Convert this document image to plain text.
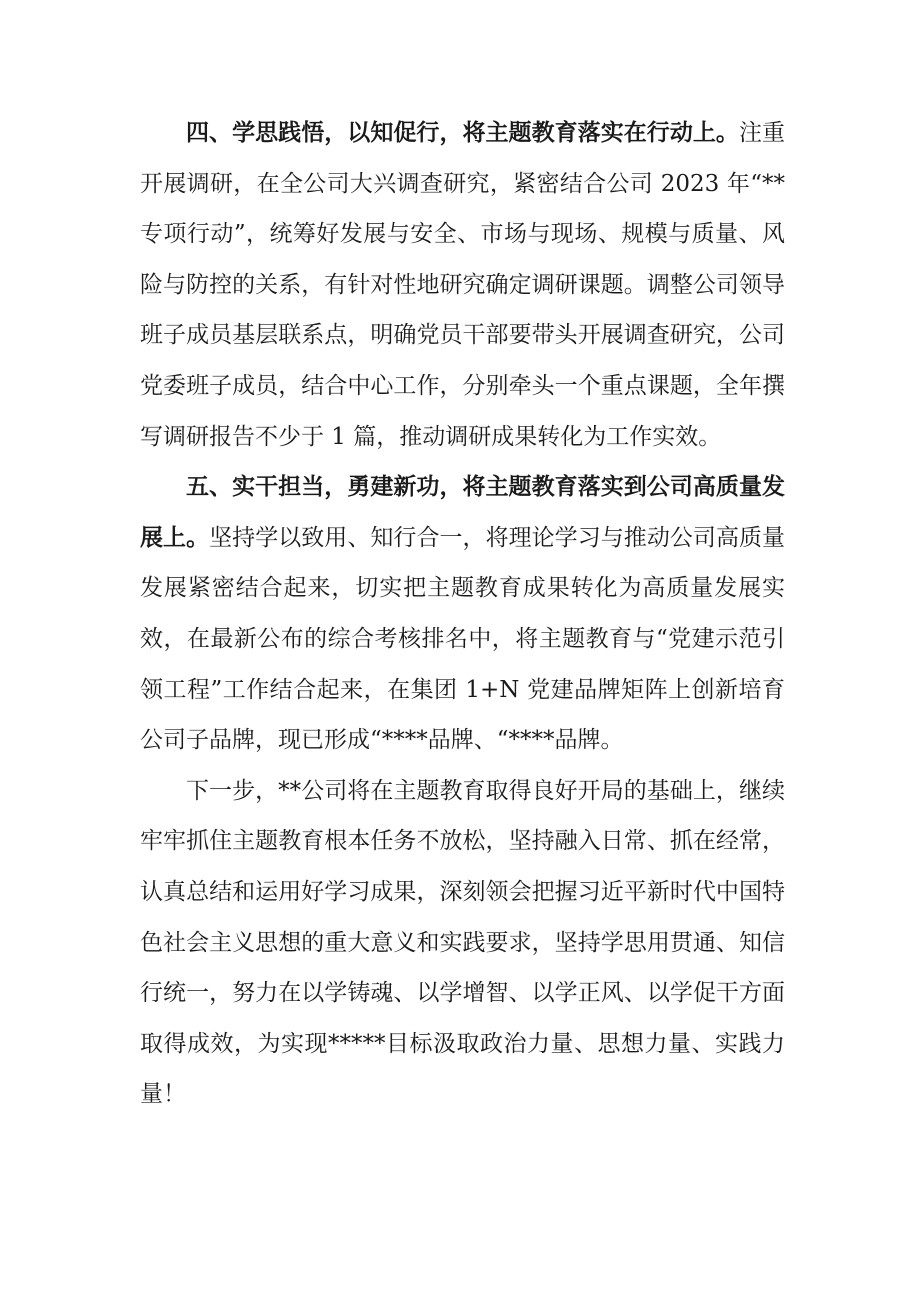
四、学思践悟，以知促行，将主题教育落实在行动上。注重开展调研，在全公司大兴调查研究，紧密结合公司 2023 年“**专项行动”，统筹好发展与安全、市场与现场、规模与质量、风险与防控的关系，有针对性地研究确定调研课题。调整公司领导班子成员基层联系点，明确党员干部要带头开展调查研究，公司党委班子成员，结合中心工作，分别牵头一个重点课题，全年撰写调研报告不少于 1 篇，推动调研成果转化为工作实效。

五、实干担当，勇建新功，将主题教育落实到公司高质量发展上。坚持学以致用、知行合一，将理论学习与推动公司高质量发展紧密结合起来，切实把主题教育成果转化为高质量发展实效，在最新公布的综合考核排名中，将主题教育与“党建示范引领工程”工作结合起来，在集团 1+N 党建品牌矩阵上创新培育公司子品牌，现已形成“****品牌、“****品牌。

下一步，**公司将在主题教育取得良好开局的基础上，继续牢牢抓住主题教育根本任务不放松，坚持融入日常、抓在经常，认真总结和运用好学习成果，深刻领会把握习近平新时代中国特色社会主义思想的重大意义和实践要求，坚持学思用贯通、知信行统一，努力在以学铸魂、以学增智、以学正风、以学促干方面取得成效，为实现*****目标汲取政治力量、思想力量、实践力量！
